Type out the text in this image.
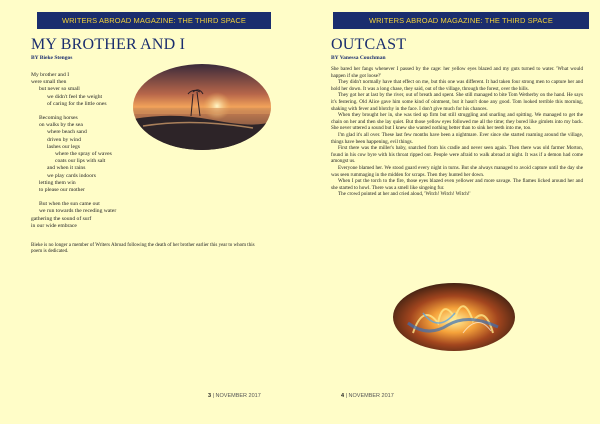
WRITERS ABROAD MAGAZINE: THE THIRD SPACE
MY BROTHER AND I
BY Bieke Stengos
My brother and I
were small then
but never so small
we didn't feel the weight
of caring for the little ones
Becoming horses
on walks by the sea
where beach sand
driven by wind
lashes our legs
where the spray of waves
coats our lips with salt
and when it rains
we play cards indoors
letting them win
to please our mother
But when the sun came out
we run towards the receding water
gathering the sound of surf
in our wide embrace
Bieke is no longer a member of Writers Abroad following the death of her brother earlier this year to whom this poem is dedicated.
3 | NOVEMBER 2017
WRITERS ABROAD MAGAZINE: THE THIRD SPACE
OUTCAST
BY Vanessa Couchman

She bared her fangs whenever I passed by the cage: her yellow eyes blazed and my guts turned to water. 'What would happen if she got loose?'

They didn't normally have that effect on me, but this one was different. It had taken four strong men to capture her and hold her down. It was a long chase, they said, out of the village, through the forest, over the hills.

They got her at last by the river, out of breath and spent. She still managed to bite Tom Wetherby on the hand. He says it's festering. Old Alice gave him some kind of ointment, but it hasn't done any good. Tom looked terrible this morning, shaking with fever and blotchy in the face. I don't give much for his chances.

When they brought her in, she was tied up firm but still struggling and snarling and spitting. We managed to get the chain on her and then she lay quiet. But those yellow eyes followed me all the time; they bored like gimlets into my back. She never uttered a sound but I knew she wanted nothing better than to sink her teeth into me, too.

I'm glad it's all over. These last few months have been a nightmare. Ever since she started roaming around the village, things have been happening, evil things.

First there was the miller's baby, snatched from his cradle and never seen again. Then there was old farmer Morton, found in his cow byre with his throat ripped out. People were afraid to walk abroad at night. It was if a demon had come amongst us.

Everyone blamed her. We stood guard every night in turns. But she always managed to avoid capture until the day she was seen rummaging in the midden for scraps. Then they hunted her down.

When I put the torch to the fire, those eyes blazed even yellower and more savage. The flames licked around her and she started to howl. There was a smell like singeing fur.

The crowd pointed at her and cried aloud, 'Witch! Witch! Witch!'

4 | NOVEMBER 2017
